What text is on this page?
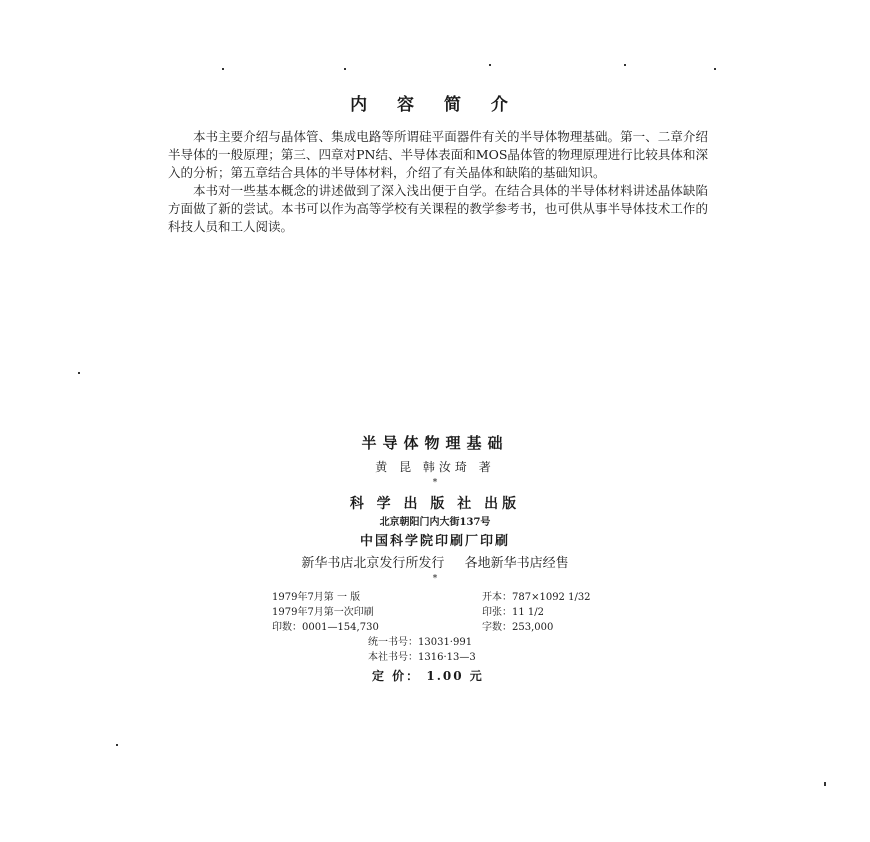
内 容 简 介

本书主要介绍与晶体管、集成电路等所谓硅平面器件有关的半导体物理基础。第一、二章介绍半导体的一般原理；第三、四章对PN结、半导体表面和MOS晶体管的物理原理进行比较具体和深入的分析；第五章结合具体的半导体材料，介绍了有关晶体和缺陷的基础知识。

本书对一些基本概念的讲述做到了深入浅出便于自学。在结合具体的半导体材料讲述晶体缺陷方面做了新的尝试。本书可以作为高等学校有关课程的教学参考书，也可供从事半导体技术工作的科技人员和工人阅读。

半导体物理基础
黄 昆 韩汝琦 著
*
科 学 出 版 社 出版
北京朝阳门内大街137号
中国科学院印刷厂印刷
新华书店北京发行所发行 各地新华书店经售
*
1979年7月第 一 版
1979年7月第一次印刷
印数：0001—154,730
开本：787×1092 1/32
印张：11 1/2
字数：253,000
统一书号：13031·991
本社书号：1316·13—3
定 价： 1.00 元
